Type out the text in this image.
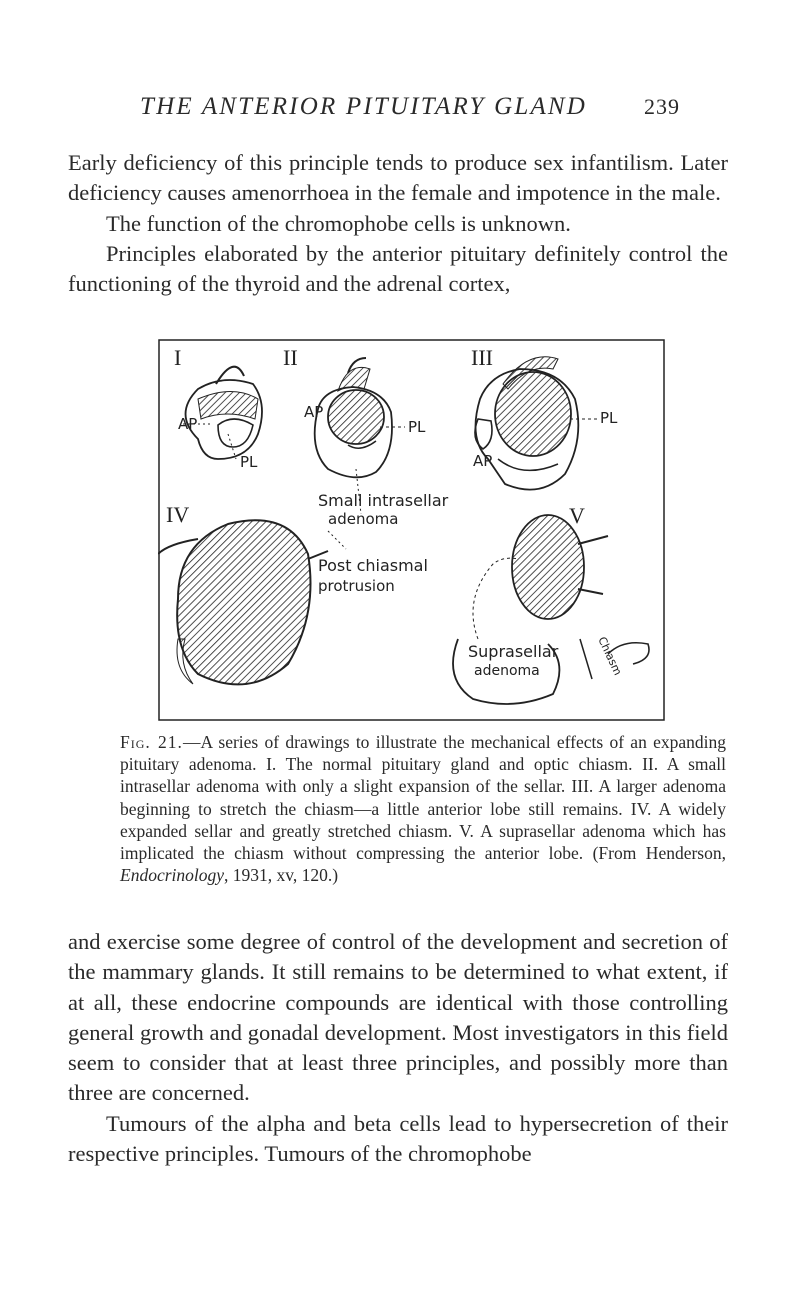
THE ANTERIOR PITUITARY GLAND	239

Early deficiency of this principle tends to produce sex infantilism. Later deficiency causes amenorrhoea in the female and impotence in the male.

The function of the chromophobe cells is unknown.

Principles elaborated by the anterior pituitary definitely control the functioning of the thyroid and the adrenal cortex,

I	II	III
IV	V
AP
PL
AP
PL
AP
PL
Small intrasellar
adenoma
Post chiasmal
protrusion
Suprasellar
adenoma	Chiasm

Fig. 21.—A series of drawings to illustrate the mechanical effects of an expanding pituitary adenoma. I. The normal pituitary gland and optic chiasm. II. A small intrasellar adenoma with only a slight expansion of the sellar. III. A larger adenoma beginning to stretch the chiasm—a little anterior lobe still remains. IV. A widely expanded sellar and greatly stretched chiasm. V. A suprasellar adenoma which has implicated the chiasm without compressing the anterior lobe. (From Henderson, Endocrinology, 1931, xv, 120.)

and exercise some degree of control of the development and secretion of the mammary glands. It still remains to be determined to what extent, if at all, these endocrine compounds are identical with those controlling general growth and gonadal development. Most investigators in this field seem to consider that at least three principles, and possibly more than three are concerned.

Tumours of the alpha and beta cells lead to hypersecretion of their respective principles. Tumours of the chromophobe
